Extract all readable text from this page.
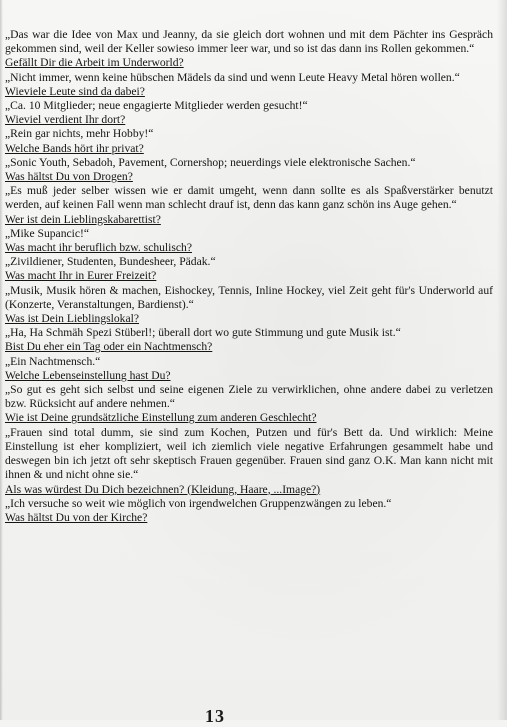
„Das war die Idee von Max und Jeanny, da sie gleich dort wohnen und mit dem Pächter ins Gespräch gekommen sind, weil der Keller sowieso immer leer war, und so ist das dann ins Rollen gekommen.“

Gefällt Dir die Arbeit im Underworld?

„Nicht immer, wenn keine hübschen Mädels da sind und wenn Leute Heavy Metal hören wollen.“

Wieviele Leute sind da dabei?

„Ca. 10 Mitglieder; neue engagierte Mitglieder werden gesucht!“

Wieviel verdient Ihr dort?

„Rein gar nichts, mehr Hobby!“

Welche Bands hört ihr privat?

„Sonic Youth, Sebadoh, Pavement, Cornershop; neuerdings viele elektronische Sachen.“

Was hältst Du von Drogen?

„Es muß jeder selber wissen wie er damit umgeht, wenn dann sollte es als Spaßverstärker benutzt werden, auf keinen Fall wenn man schlecht drauf ist, denn das kann ganz schön ins Auge gehen.“

Wer ist dein Lieblingskabarettist?

„Mike Supancic!“

Was macht ihr beruflich bzw. schulisch?

„Zivildiener, Studenten, Bundesheer, Pädak.“

Was macht Ihr in Eurer Freizeit?

„Musik, Musik hören & machen, Eishockey, Tennis, Inline Hockey, viel Zeit geht für's Underworld auf (Konzerte, Veranstaltungen, Bardienst).“

Was ist Dein Lieblingslokal?

„Ha, Ha Schmäh Spezi Stüberl!; überall dort wo gute Stimmung und gute Musik ist.“

Bist Du eher ein Tag oder ein Nachtmensch?

„Ein Nachtmensch.“

Welche Lebenseinstellung hast Du?

„So gut es geht sich selbst und seine eigenen Ziele zu verwirklichen, ohne andere dabei zu verletzen bzw. Rücksicht auf andere nehmen.“

Wie ist Deine grundsätzliche Einstellung zum anderen Geschlecht?

„Frauen sind total dumm, sie sind zum Kochen, Putzen und für's Bett da. Und wirklich: Meine Einstellung ist eher kompliziert, weil ich ziemlich viele negative Erfahrungen gesammelt habe und deswegen bin ich jetzt oft sehr skeptisch Frauen gegenüber. Frauen sind ganz O.K. Man kann nicht mit ihnen & und nicht ohne sie.“

Als was würdest Du Dich bezeichnen? (Kleidung, Haare, ...Image?)

„Ich versuche so weit wie möglich von irgendwelchen Gruppenzwängen zu leben.“

Was hältst Du von der Kirche?

13
